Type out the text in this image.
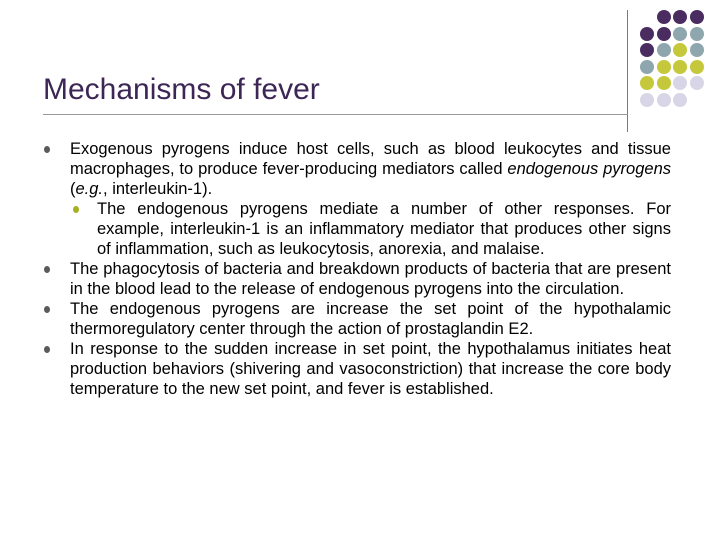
Mechanisms of fever
Exogenous pyrogens induce host cells, such as blood leukocytes and tissue macrophages, to produce fever-producing mediators called endogenous pyrogens (e.g., interleukin-1).
The endogenous pyrogens mediate a number of other responses. For example, interleukin-1 is an inflammatory mediator that produces other signs of inflammation, such as leukocytosis, anorexia, and malaise.
The phagocytosis of bacteria and breakdown products of bacteria that are present in the blood lead to the release of endogenous pyrogens into the circulation.
The endogenous pyrogens are increase the set point of the hypothalamic thermoregulatory center through the action of prostaglandin E2.
In response to the sudden increase in set point, the hypothalamus initiates heat production behaviors (shivering and vasoconstriction) that increase the core body temperature to the new set point, and fever is established.
